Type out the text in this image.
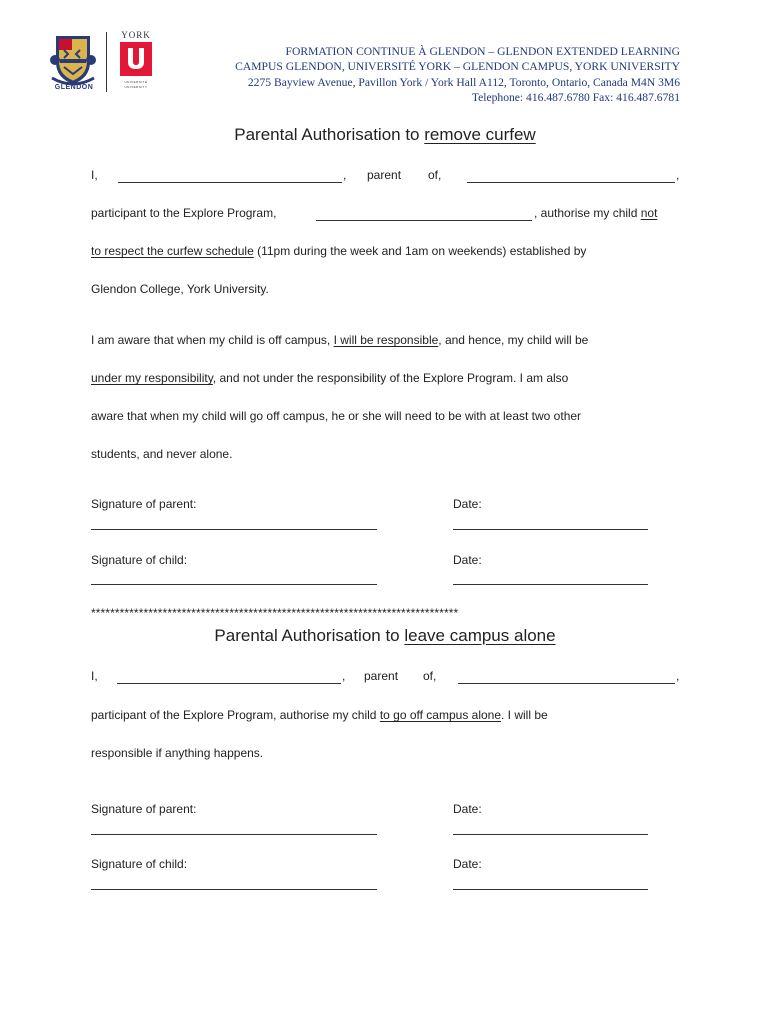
GLENDON
YORK
UNIVERSITÉ UNIVERSITY
FORMATION CONTINUE À GLENDON – GLENDON EXTENDED LEARNING
CAMPUS GLENDON, UNIVERSITÉ YORK – GLENDON CAMPUS, YORK UNIVERSITY
2275 Bayview Avenue, Pavillon York / York Hall A112, Toronto, Ontario, Canada M4N 3M6
Telephone: 416.487.6780 Fax: 416.487.6781
Parental Authorisation to remove curfew
I,	, parent of,	,
participant to the Explore Program,	, authorise my child not
to respect the curfew schedule (11pm during the week and 1am on weekends) established by
Glendon College, York University.
I am aware that when my child is off campus, I will be responsible, and hence, my child will be
under my responsibility, and not under the responsibility of the Explore Program. I am also
aware that when my child will go off campus, he or she will need to be with at least two other
students, and never alone.
Signature of parent:	Date:
Signature of child:	Date:
*****************************************************************************
Parental Authorisation to leave campus alone
I,	, parent of,	,
participant of the Explore Program, authorise my child to go off campus alone. I will be
responsible if anything happens.
Signature of parent:	Date:
Signature of child:	Date:
